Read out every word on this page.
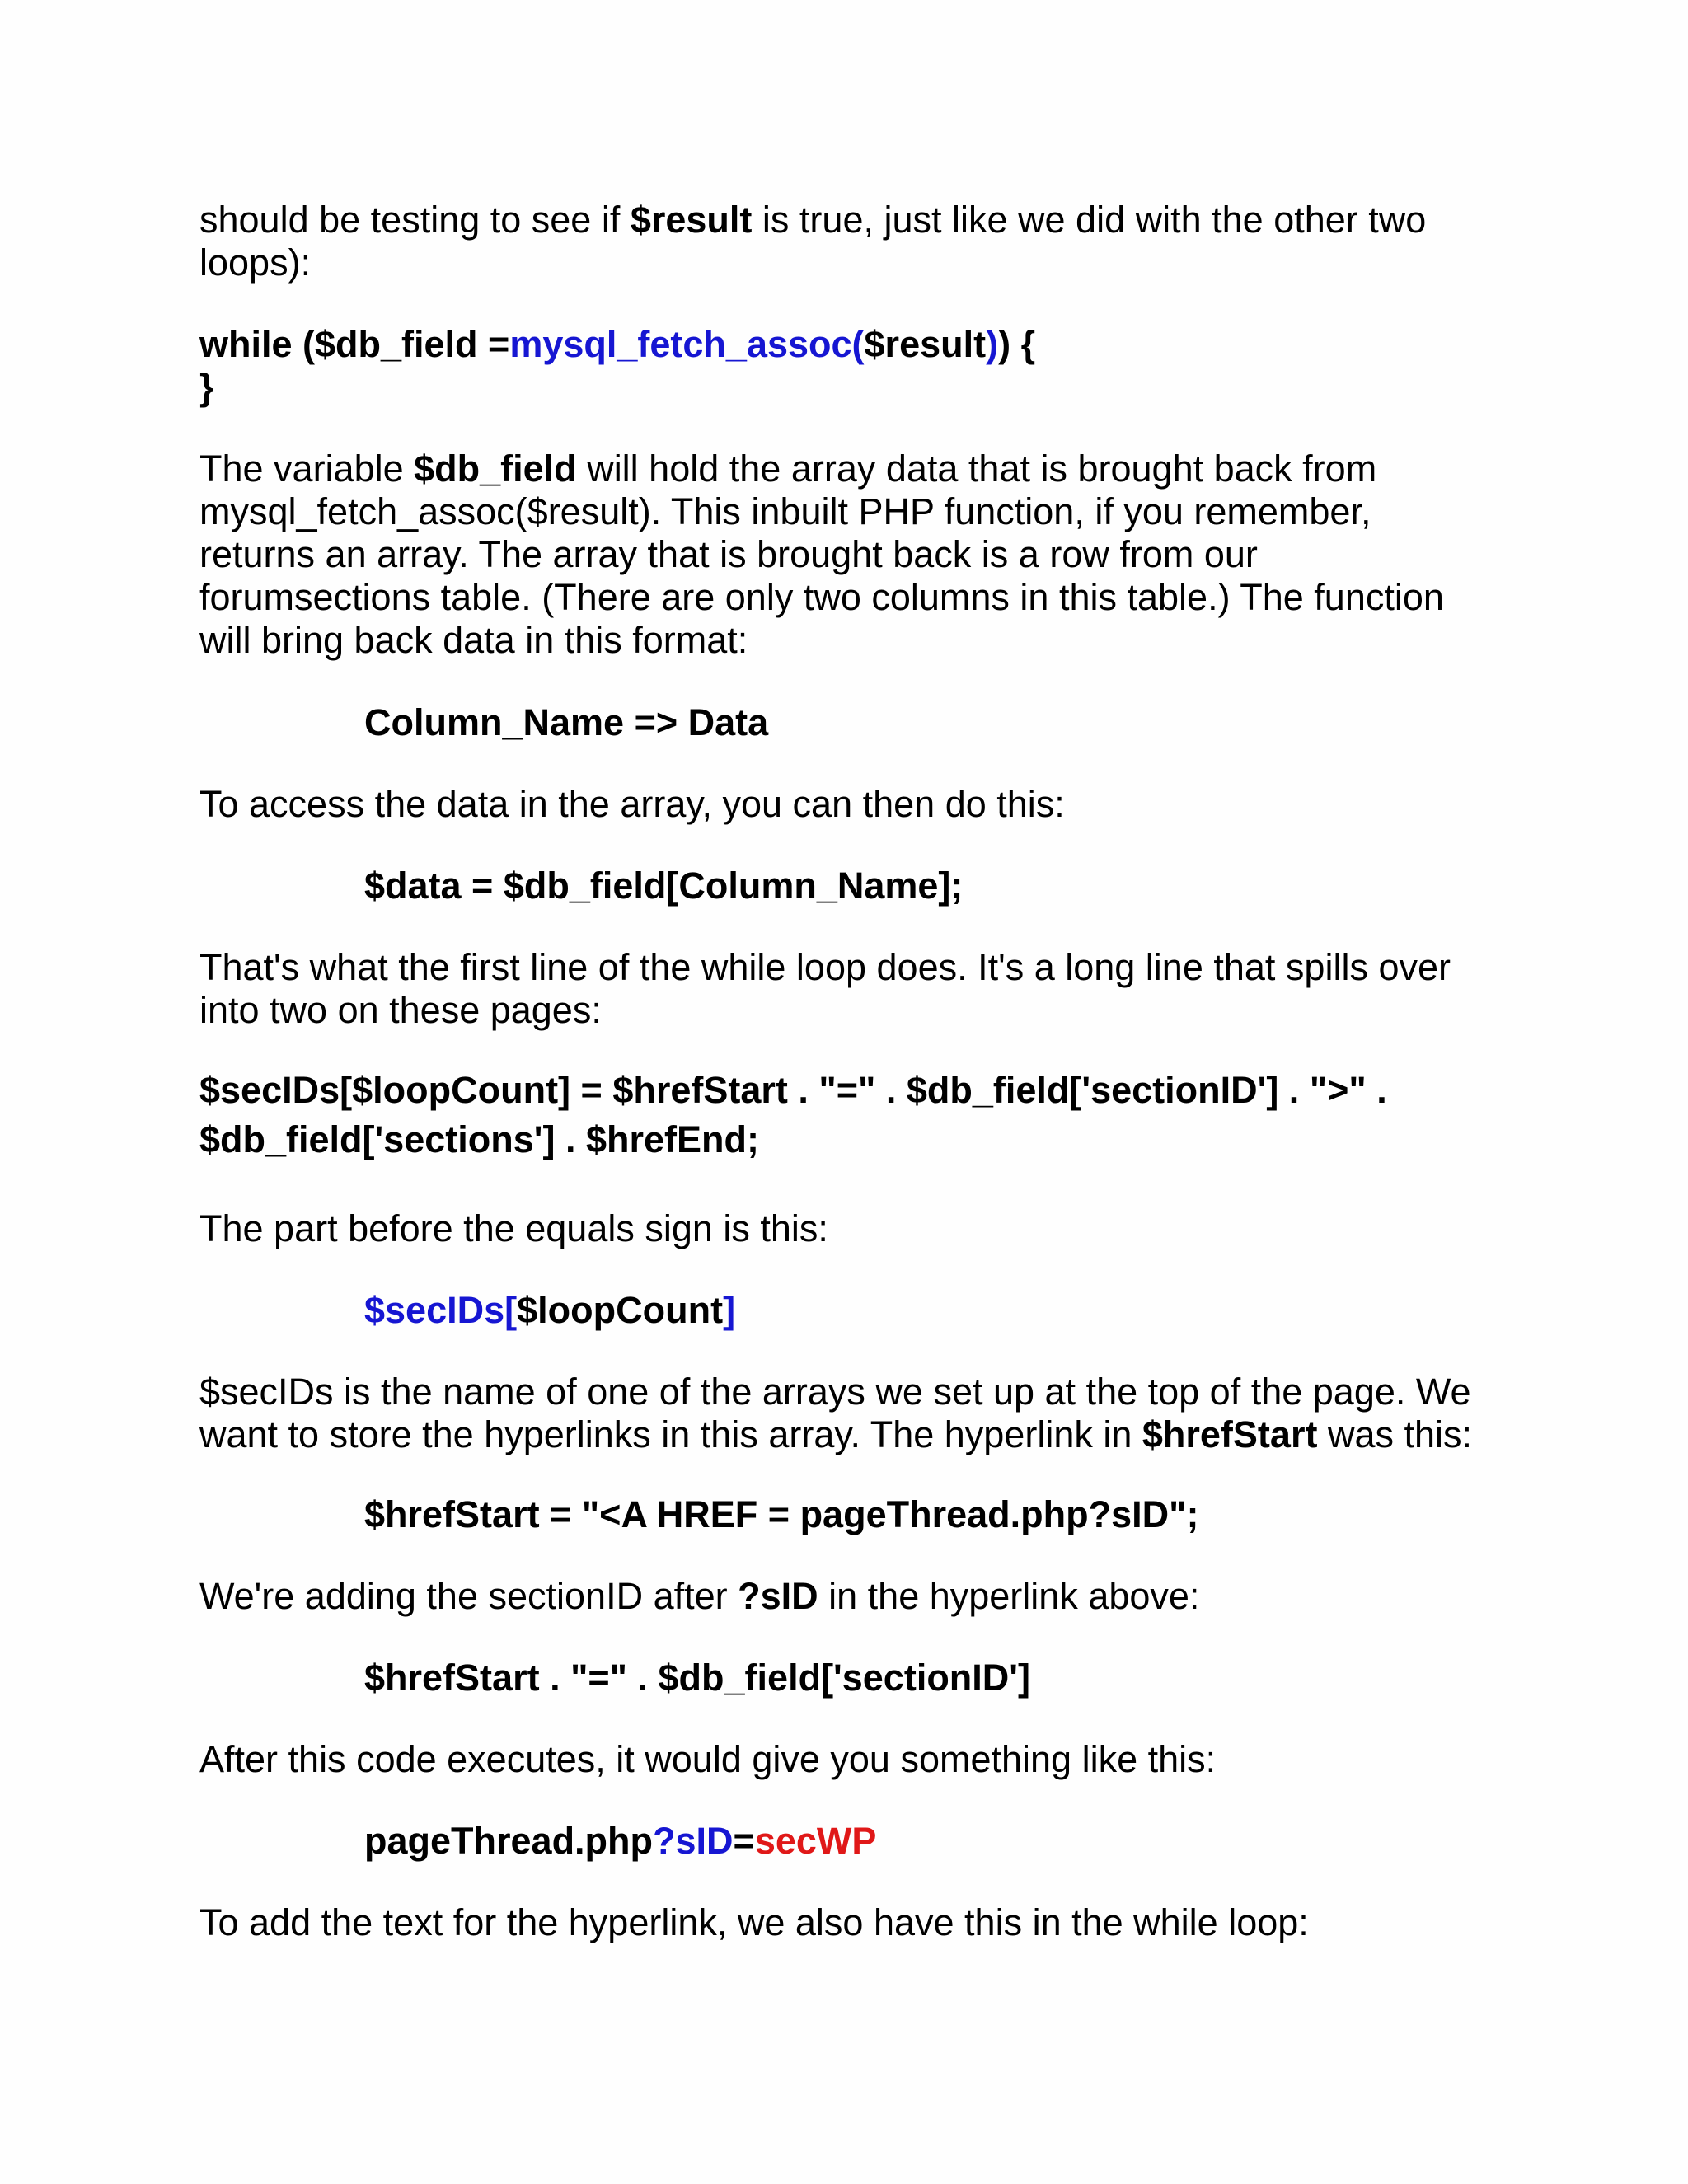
should be testing to see if $result is true, just like we did with the other two
loops):

while ($db_field =mysql_fetch_assoc($result)) {
}

The variable $db_field will hold the array data that is brought back from
mysql_fetch_assoc($result). This inbuilt PHP function, if you remember,
returns an array. The array that is brought back is a row from our
forumsections table. (There are only two columns in this table.) The function
will bring back data in this format:

Column_Name => Data

To access the data in the array, you can then do this:

$data = $db_field[Column_Name];

That's what the first line of the while loop does. It's a long line that spills over
into two on these pages:

$secIDs[$loopCount] = $hrefStart . "=" . $db_field['sectionID'] . ">" .
$db_field['sections'] . $hrefEnd;

The part before the equals sign is this:

$secIDs[$loopCount]

$secIDs is the name of one of the arrays we set up at the top of the page. We
want to store the hyperlinks in this array. The hyperlink in $hrefStart was this:

$hrefStart = "<A HREF = pageThread.php?sID";

We're adding the sectionID after ?sID in the hyperlink above:

$hrefStart . "=" . $db_field['sectionID']

After this code executes, it would give you something like this:

pageThread.php?sID=secWP

To add the text for the hyperlink, we also have this in the while loop:
